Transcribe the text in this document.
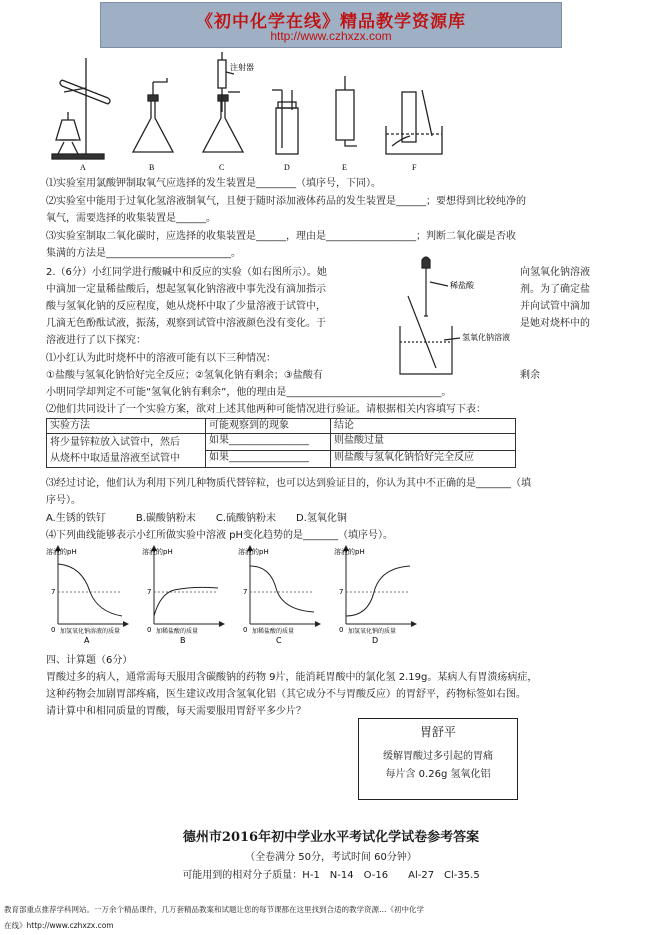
《初中化学在线》精品教学资源库
http://www.czhxzx.com
A	B	C	D	E	F
注射器
⑴实验室用氯酸钾制取氧气应选择的发生装置是________（填序号，下同）。
⑵实验室中能用于过氧化氢溶液制氧气，且便于随时添加液体药品的发生装置是______；要想得到比较纯净的
氧气，需要选择的收集装置是______。
⑶实验室制取二氧化碳时，应选择的收集装置是______，理由是__________________；判断二氧化碳是否收
集满的方法是_________________________。
2.（6分）小红同学进行酸碱中和反应的实验（如右图所示）。她	向氢氧化钠溶液
中滴加一定量稀盐酸后，想起氢氧化钠溶液中事先没有滴加指示	剂。为了确定盐
酸与氢氧化钠的反应程度，她从烧杯中取了少量溶液于试管中，	并向试管中滴加
几滴无色酚酞试液，振荡，观察到试管中溶液颜色没有变化。于	是她对烧杯中的
溶液进行了以下探究：
稀盐酸
氢氧化钠溶液
⑴小红认为此时烧杯中的溶液可能有以下三种情况：
①盐酸与氢氧化钠恰好完全反应；②氢氧化钠有剩余；③盐酸有	剩余
小明同学却判定不可能“氢氧化钠有剩余”，他的理由是_______________________________。
⑵他们共同设计了一个实验方案，欲对上述其他两种可能情况进行验证。请根据相关内容填写下表：
实验方法	可能观察到的现象	结论

将少量锌粒放入试管中，然后
从烧杯中取适量溶液至试管中	如果________________	则盐酸过量
	如果________________	则盐酸与氢氧化钠恰好完全反应
⑶经过讨论，他们认为利用下列几种物质代替锌粒，也可以达到验证目的，你认为其中不正确的是_______（填
序号）。
A.生锈的铁钉　　　B.碳酸钠粉末　　C.硫酸钠粉末　　D.氢氧化铜
⑷下列曲线能够表示小红所做实验中溶液 pH变化趋势的是_______（填序号）。
溶液的pH
7
0 加氢氧化钠溶液的质量
A
溶液的pH
7
0 加稀盐酸的质量
B
溶液的pH
7
0 加稀盐酸的质量
C
溶液的pH
7
0 加氢氧化钠的质量
D
四、计算题（6分）
胃酸过多的病人，通常需每天服用含碳酸钠的药物 9片，能消耗胃酸中的氯化氢 2.19g。某病人有胃溃疡病症，
这种药物会加剧胃部疼痛，医生建议改用含氢氧化铝（其它成分不与胃酸反应）的胃舒平，药物标签如右图。
请计算中和相同质量的胃酸，每天需要服用胃舒平多少片？
胃舒平
缓解胃酸过多引起的胃痛
每片含 0.26g 氢氧化铝
德州市2016年初中学业水平考试化学试卷参考答案
（全卷满分 50分，考试时间 60分钟）
可能用到的相对分子质量：H-1　N-14　O-16　　Al-27　Cl-35.5
教育部重点推荐学科网站。一万余个精品课件，几万套精品教案和试题让您的每节课都在这里找到合适的教学资源…《初中化学
在线》http://www.czhxzx.com
